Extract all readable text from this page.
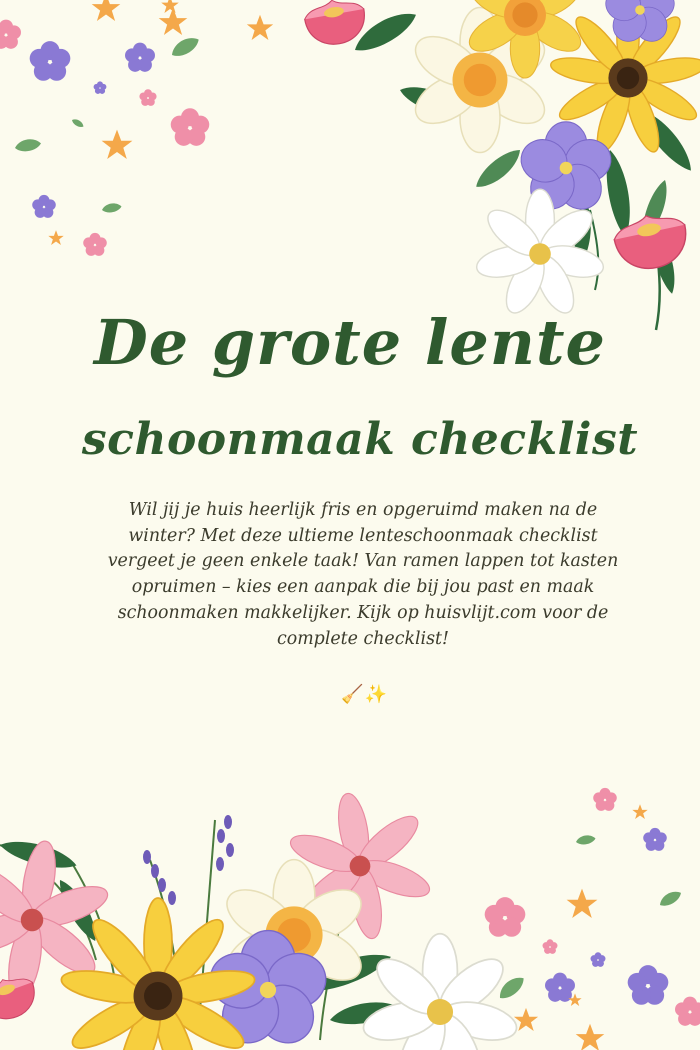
De grote lente
schoonmaak checklist
Wil jij je huis heerlijk fris en opgeruimd maken na de winter? Met deze ultieme lenteschoonmaak checklist vergeet je geen enkele taak! Van ramen lappen tot kasten opruimen – kies een aanpak die bij jou past en maak schoonmaken makkelijker. Kijk op huisvlijt.com voor de complete checklist!
🧹✨
